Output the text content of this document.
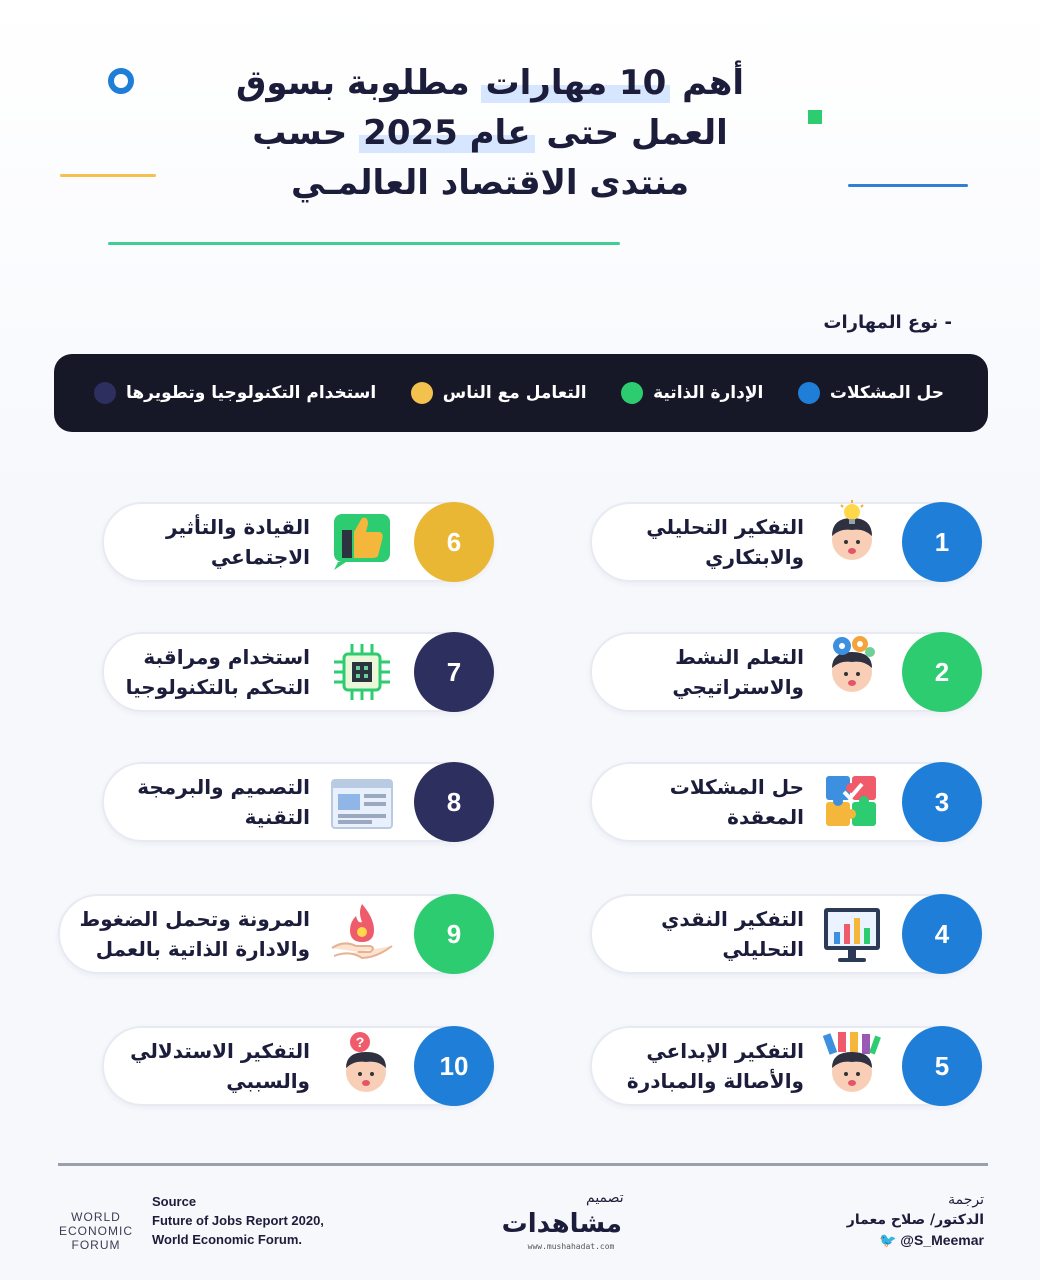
أهم 10 مهارات مطلوبة بسوق
العمل حتى عام 2025 حسب
منتدى الاقتصاد العالمـي
- نوع المهارات
حل المشكلات
الإدارة الذاتية
التعامل مع الناس
استخدام التكنولوجيا وتطويرها
1
2
3
4
5
6
7
8
9
10
التفكير التحليلي
والابتكاري
التعلم النشط
والاستراتيجي
حل المشكلات
المعقدة
التفكير النقدي
التحليلي
التفكير الإبداعي
والأصالة والمبادرة
القيادة والتأثير
الاجتماعي
استخدام ومراقبة
التحكم بالتكنولوجيا
التصميم والبرمجة
التقنية
المرونة وتحمل الضغوط
والادارة الذاتية بالعمل
التفكير الاستدلالي
والسببي
?
WORLD ECONOMIC FORUM
Source
Future of Jobs Report 2020,
World Economic Forum.
تصميم
مشاهدات
www.mushahadat.com
ترجمة
الدكتور/ صلاح معمار
🐦 @S_Meemar
